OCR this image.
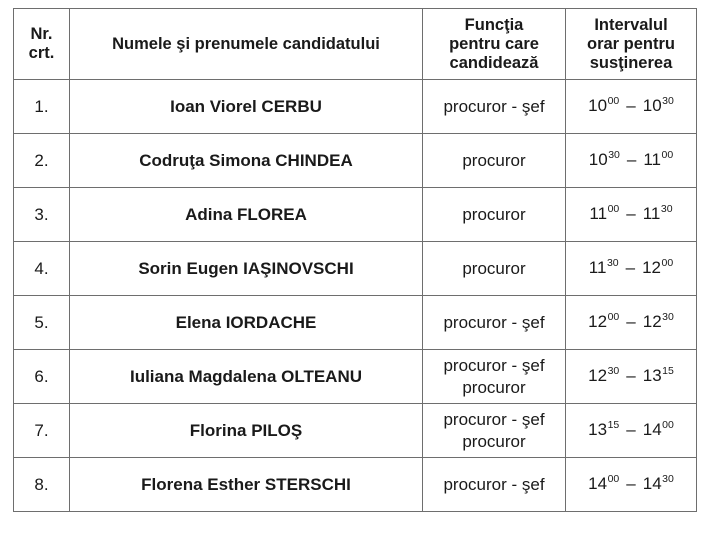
Nr.
crt.	Numele şi prenumele candidatului	Funcţia
pentru care
candidează	Intervalul
orar pentru
susţinerea

1.	Ioan Viorel CERBU	procuror - şef	$10^{00} - 10^{30}$
2.	Codruţa Simona CHINDEA	procuror	$10^{30} - 11^{00}$
3.	Adina FLOREA	procuror	$11^{00} - 11^{30}$
4.	Sorin Eugen IAŞINOVSCHI	procuror	$11^{30} - 12^{00}$
5.	Elena IORDACHE	procuror - şef	$12^{00} - 12^{30}$
6.	Iuliana Magdalena OLTEANU	procuror - şef
procuror	$12^{30} - 13^{15}$
7.	Florina PILOŞ	procuror - şef
procuror	$13^{15} - 14^{00}$
8.	Florena Esther STERSCHI	procuror - şef	$14^{00} - 14^{30}$
